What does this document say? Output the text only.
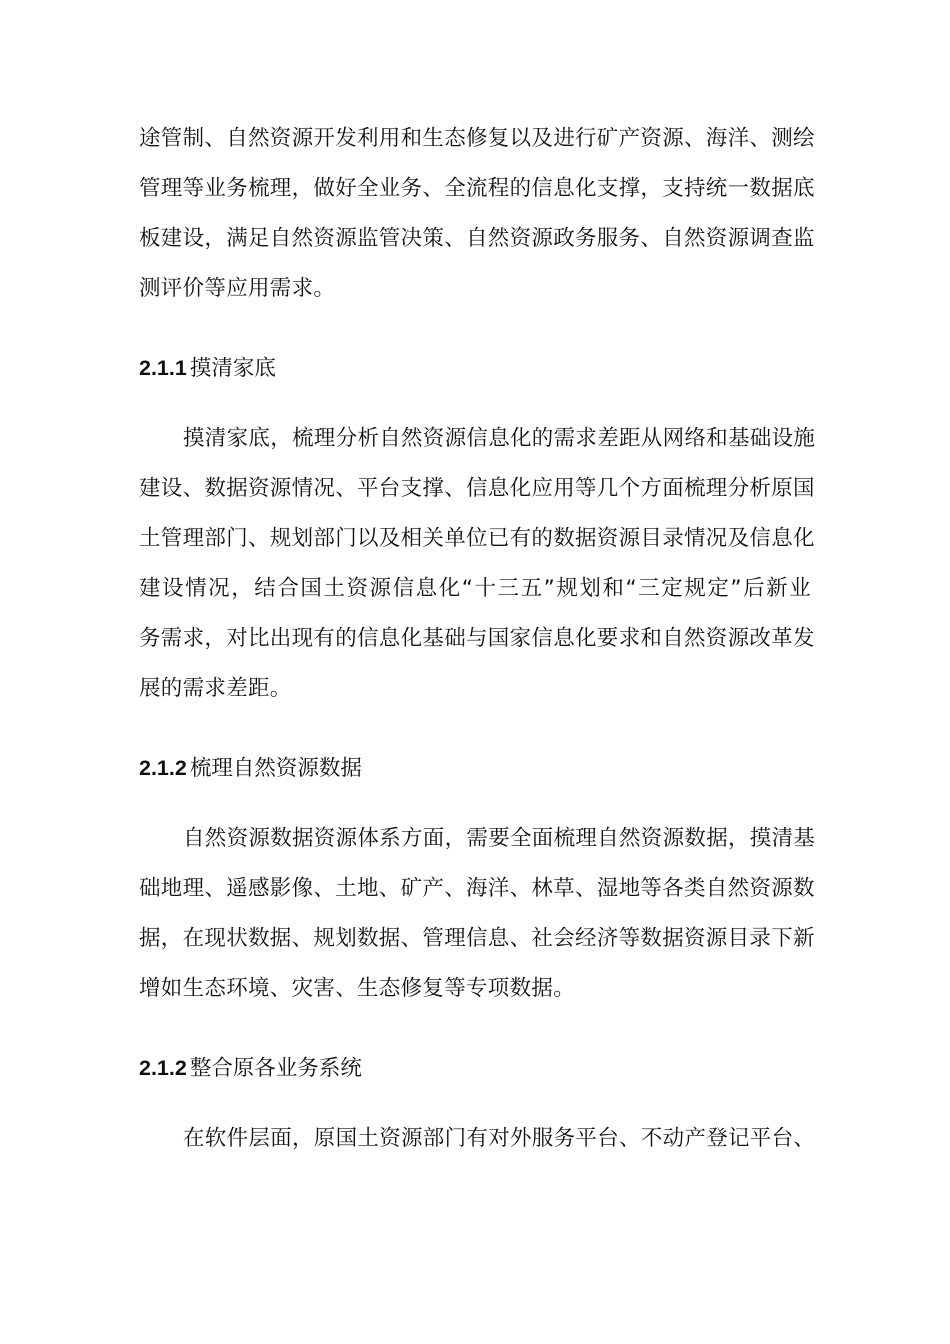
途管制、自然资源开发利用和生态修复以及进行矿产资源、海洋、测绘
管理等业务梳理，做好全业务、全流程的信息化支撑，支持统一数据底
板建设，满足自然资源监管决策、自然资源政务服务、自然资源调查监
测评价等应用需求。
2.1.1 摸清家底
摸清家底，梳理分析自然资源信息化的需求差距从网络和基础设施
建设、数据资源情况、平台支撑、信息化应用等几个方面梳理分析原国
土管理部门、规划部门以及相关单位已有的数据资源目录情况及信息化
建设情况，结合国土资源信息化“十三五”规划和“三定规定”后新业
务需求，对比出现有的信息化基础与国家信息化要求和自然资源改革发
展的需求差距。
2.1.2 梳理自然资源数据
自然资源数据资源体系方面，需要全面梳理自然资源数据，摸清基
础地理、遥感影像、土地、矿产、海洋、林草、湿地等各类自然资源数
据，在现状数据、规划数据、管理信息、社会经济等数据资源目录下新
增如生态环境、灾害、生态修复等专项数据。
2.1.2 整合原各业务系统
在软件层面，原国土资源部门有对外服务平台、不动产登记平台、
